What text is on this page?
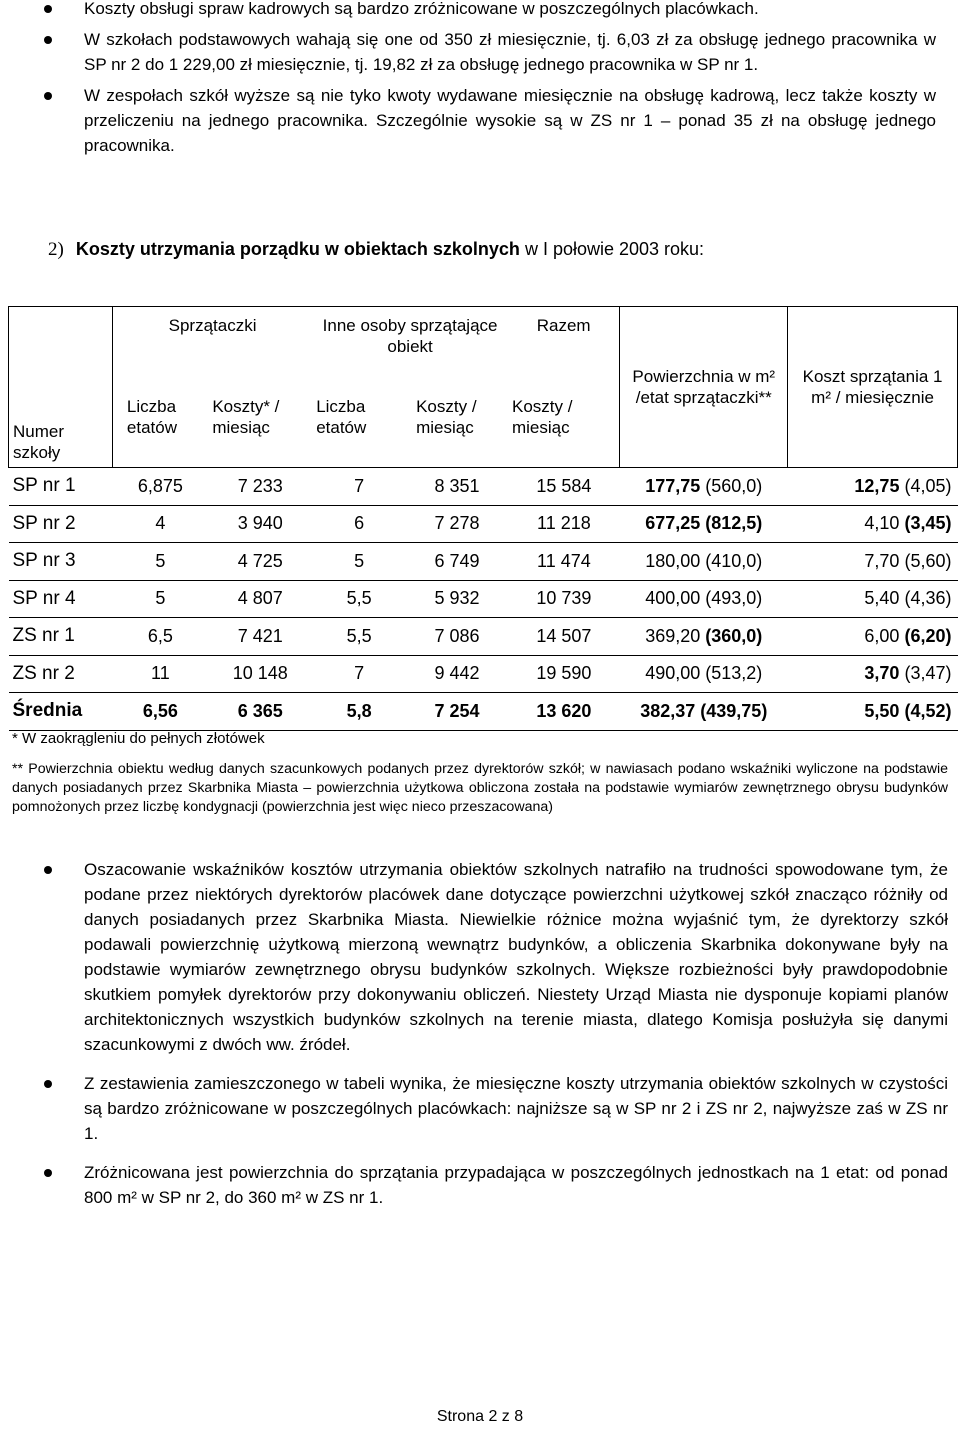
Koszty obsługi spraw kadrowych są bardzo zróżnicowane w poszczególnych placówkach.
W szkołach podstawowych wahają się one od 350 zł miesięcznie, tj. 6,03 zł za obsługę jednego pracownika w SP nr 2 do 1 229,00 zł miesięcznie, tj. 19,82 zł za obsługę jednego pracownika w SP nr 1.
W zespołach szkół wyższe są nie tyko kwoty wydawane miesięcznie na obsługę kadrową, lecz także koszty w przeliczeniu na jednego pracownika. Szczególnie wysokie są w ZS nr 1 – ponad 35 zł na obsługę jednego pracownika.
2) Koszty utrzymania porządku w obiektach szkolnych w I połowie 2003 roku:
Numer szkoły	Sprzątaczki		Inne osoby sprzątające obiekt		Razem	Powierzchnia w m² /etat sprzątaczki**	Koszt sprzątania 1 m² / miesięcznie
	Liczba etatów	Koszty* / miesiąc	Liczba etatów	Koszty / miesiąc	Koszty / miesiąc		
SP nr 1	6,875	7 233	7	8 351	15 584	177,75 (560,0)	12,75 (4,05)
SP nr 2	4	3 940	6	7 278	11 218	677,25 (812,5)	4,10 (3,45)
SP nr 3	5	4 725	5	6 749	11 474	180,00 (410,0)	7,70 (5,60)
SP nr 4	5	4 807	5,5	5 932	10 739	400,00 (493,0)	5,40 (4,36)
ZS nr 1	6,5	7 421	5,5	7 086	14 507	369,20 (360,0)	6,00 (6,20)
ZS nr 2	11	10 148	7	9 442	19 590	490,00 (513,2)	3,70 (3,47)
Średnia	6,56	6 365	5,8	7 254	13 620	382,37 (439,75)	5,50 (4,52)
* W zaokrągleniu do pełnych złotówek
** Powierzchnia obiektu według danych szacunkowych podanych przez dyrektorów szkół; w nawiasach podano wskaźniki wyliczone na podstawie danych posiadanych przez Skarbnika Miasta – powierzchnia użytkowa obliczona została na podstawie wymiarów zewnętrznego obrysu budynków pomnożonych przez liczbę kondygnacji (powierzchnia jest więc nieco przeszacowana)
Oszacowanie wskaźników kosztów utrzymania obiektów szkolnych natrafiło na trudności spowodowane tym, że podane przez niektórych dyrektorów placówek dane dotyczące powierzchni użytkowej szkół znacząco różniły od danych posiadanych przez Skarbnika Miasta. Niewielkie różnice można wyjaśnić tym, że dyrektorzy szkół podawali powierzchnię użytkową mierzoną wewnątrz budynków, a obliczenia Skarbnika dokonywane były na podstawie wymiarów zewnętrznego obrysu budynków szkolnych. Większe rozbieżności były prawdopodobnie skutkiem pomyłek dyrektorów przy dokonywaniu obliczeń. Niestety Urząd Miasta nie dysponuje kopiami planów architektonicznych wszystkich budynków szkolnych na terenie miasta, dlatego Komisja posłużyła się danymi szacunkowymi z dwóch ww. źródeł.
Z zestawienia zamieszczonego w tabeli wynika, że miesięczne koszty utrzymania obiektów szkolnych w czystości są bardzo zróżnicowane w poszczególnych placówkach: najniższe są w SP nr 2 i ZS nr 2, najwyższe zaś w ZS nr 1.
Zróżnicowana jest powierzchnia do sprzątania przypadająca w poszczególnych jednostkach na 1 etat: od ponad 800 m² w SP nr 2, do 360 m² w ZS nr 1.
Strona 2 z 8
